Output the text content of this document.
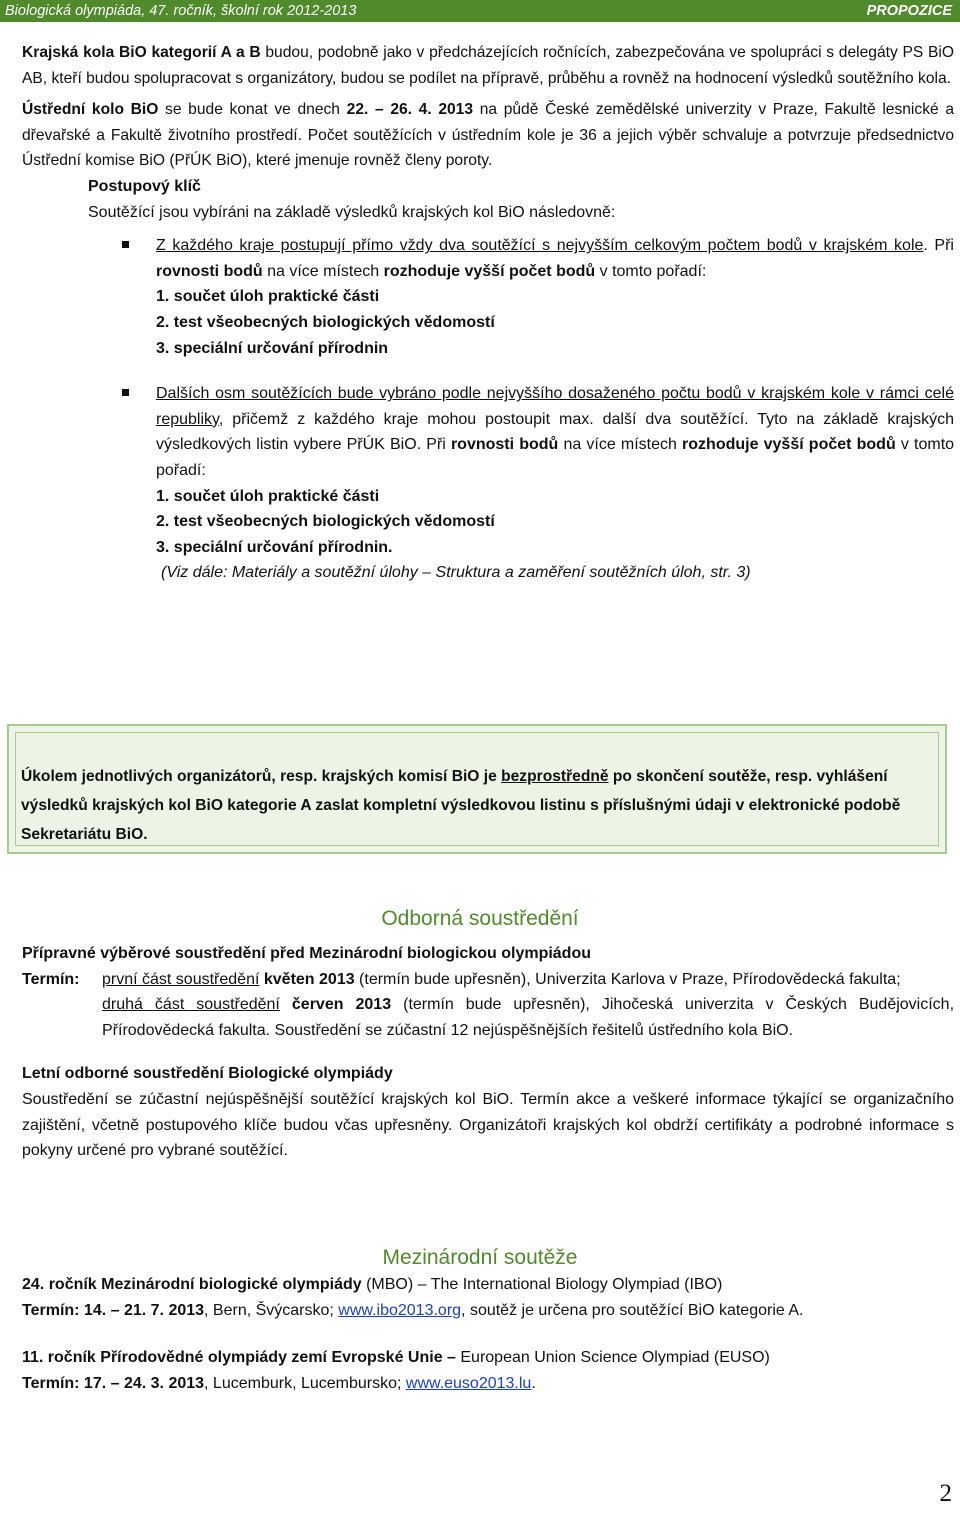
Biologická olympiáda, 47. ročník, školní rok 2012-2013	PROPOZICE

Krajská kola BiO kategorií A a B budou, podobně jako v předcházejících ročnících, zabezpečována ve spolupráci s delegáty PS BiO AB, kteří budou spolupracovat s organizátory, budou se podílet na přípravě, průběhu a rovněž na hodnocení výsledků soutěžního kola.

Ústřední kolo BiO se bude konat ve dnech 22. – 26. 4. 2013 na půdě České zemědělské univerzity v Praze, Fakultě lesnické a dřevařské a Fakultě životního prostředí. Počet soutěžících v ústředním kole je 36 a jejich výběr schvaluje a potvrzuje předsednictvo Ústřední komise BiO (PřÚK BiO), které jmenuje rovněž členy poroty.

Postupový klíč

Soutěžící jsou vybíráni na základě výsledků krajských kol BiO následovně:

Z každého kraje postupují přímo vždy dva soutěžící s nejvyšším celkovým počtem bodů v krajském kole. Při rovnosti bodů na více místech rozhoduje vyšší počet bodů v tomto pořadí:

1. součet úloh praktické části

2. test všeobecných biologických vědomostí

3. speciální určování přírodnin

Dalších osm soutěžících bude vybráno podle nejvyššího dosaženého počtu bodů v krajském kole v rámci celé republiky, přičemž z každého kraje mohou postoupit max. další dva soutěžící. Tyto na základě krajských výsledkových listin vybere PřÚK BiO. Při rovnosti bodů na více místech rozhoduje vyšší počet bodů v tomto pořadí:

1. součet úloh praktické části

2. test všeobecných biologických vědomostí

3. speciální určování přírodnin.

(Viz dále: Materiály a soutěžní úlohy – Struktura a zaměření soutěžních úloh, str. 3)

Úkolem jednotlivých organizátorů, resp. krajských komisí BiO je bezprostředně po skončení soutěže, resp. vyhlášení výsledků krajských kol BiO kategorie A zaslat kompletní výsledkovou listinu s příslušnými údaji v elektronické podobě Sekretariátu BiO.

Odborná soustředění

Přípravné výběrové soustředění před Mezinárodní biologickou olympiádou

Termín:	první část soustředění květen 2013 (termín bude upřesněn), Univerzita Karlova v Praze, Přírodovědecká fakulta;

druhá část soustředění červen 2013 (termín bude upřesněn), Jihočeská univerzita v Českých Budějovicích, Přírodovědecká fakulta. Soustředění se zúčastní 12 nejúspěšnějších řešitelů ústředního kola BiO.

Letní odborné soustředění Biologické olympiády

Soustředění se zúčastní nejúspěšnější soutěžící krajských kol BiO. Termín akce a veškeré informace týkající se organizačního zajištění, včetně postupového klíče budou včas upřesněny. Organizátoři krajských kol obdrží certifikáty a podrobné informace s pokyny určené pro vybrané soutěžící.

Mezinárodní soutěže

24. ročník Mezinárodní biologické olympiády (MBO) – The International Biology Olympiad (IBO)

Termín: 14. – 21. 7. 2013, Bern, Švýcarsko; www.ibo2013.org, soutěž je určena pro soutěžící BiO kategorie A.

11. ročník Přírodovědné olympiády zemí Evropské Unie – European Union Science Olympiad (EUSO)

Termín: 17. – 24. 3. 2013, Lucemburk, Lucembursko; www.euso2013.lu.

2
